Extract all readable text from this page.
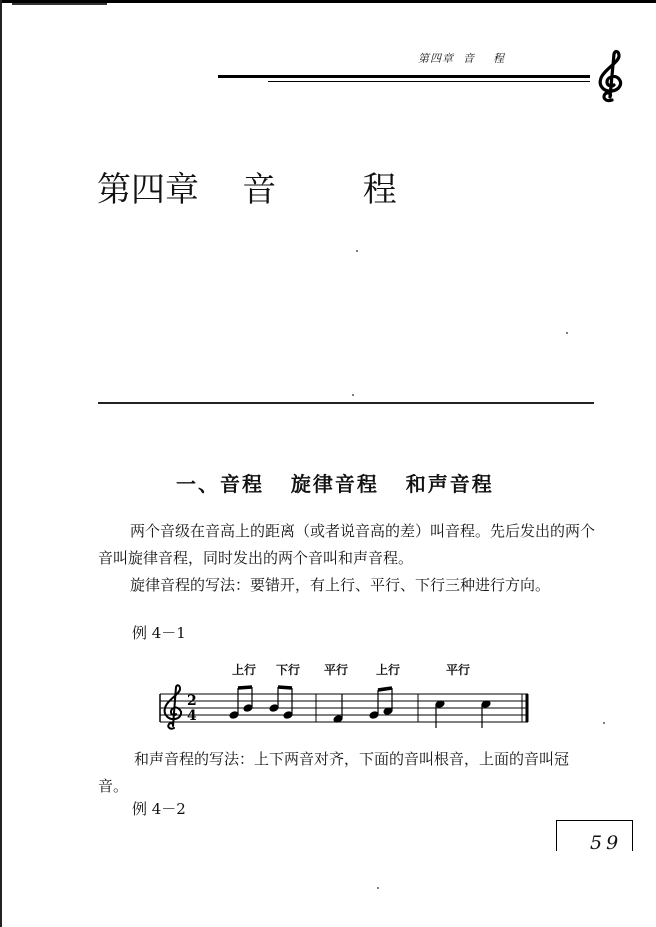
第四章  音    程
第四章    音        程
一、音程   旋律音程   和声音程
两个音级在音高上的距离（或者说音高的差）叫音程。先后发出的两个音叫旋律音程，同时发出的两个音叫和声音程。
旋律音程的写法：要错开，有上行、平行、下行三种进行方向。
例 4－1
上行 下行 平行 上行	平行
2
4
和声音程的写法：上下两音对齐，下面的音叫根音，上面的音叫冠音。
例 4－2
59
